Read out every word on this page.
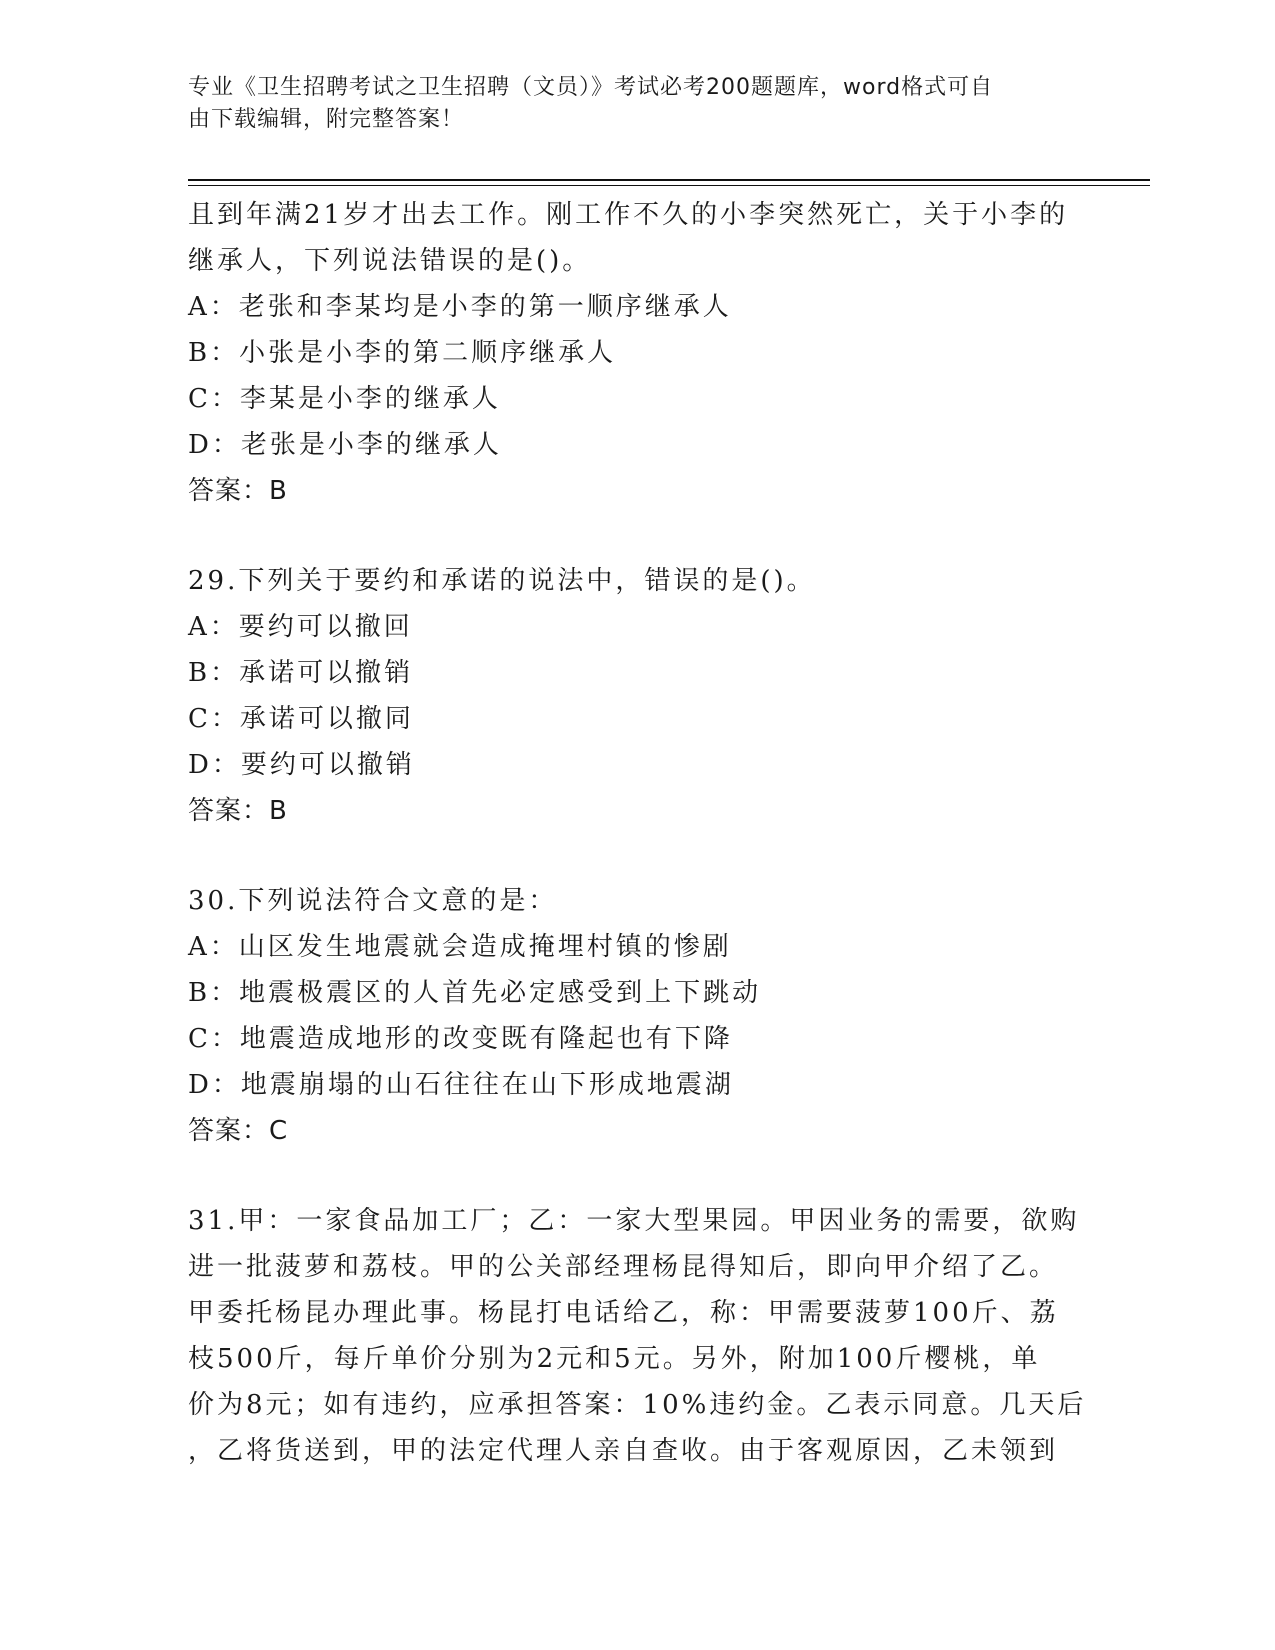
专业《卫生招聘考试之卫生招聘（文员）》考试必考200题题库，word格式可自
由下载编辑，附完整答案！
且到年满21岁才出去工作。刚工作不久的小李突然死亡，关于小李的
继承人，下列说法错误的是()。
A：老张和李某均是小李的第一顺序继承人
B：小张是小李的第二顺序继承人
C：李某是小李的继承人
D：老张是小李的继承人
答案：B
29.下列关于要约和承诺的说法中，错误的是()。
A：要约可以撤回
B：承诺可以撤销
C：承诺可以撤同
D：要约可以撤销
答案：B
30.下列说法符合文意的是：
A：山区发生地震就会造成掩埋村镇的惨剧
B：地震极震区的人首先必定感受到上下跳动
C：地震造成地形的改变既有隆起也有下降
D：地震崩塌的山石往往在山下形成地震湖
答案：C
31.甲：一家食品加工厂；乙：一家大型果园。甲因业务的需要，欲购
进一批菠萝和荔枝。甲的公关部经理杨昆得知后，即向甲介绍了乙。
甲委托杨昆办理此事。杨昆打电话给乙，称：甲需要菠萝100斤、荔
枝500斤，每斤单价分别为2元和5元。另外，附加100斤樱桃，单
价为8元；如有违约，应承担答案：10%违约金。乙表示同意。几天后
，乙将货送到，甲的法定代理人亲自查收。由于客观原因，乙未领到
